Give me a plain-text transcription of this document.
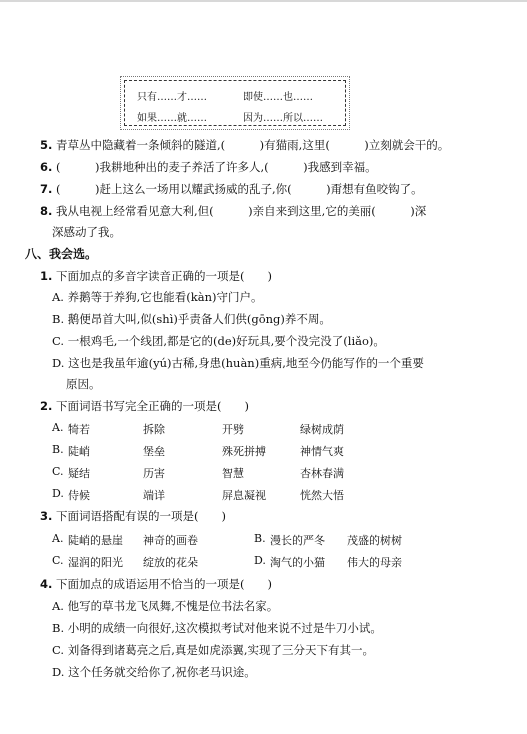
只有……才……	即使……也……
如果……就……	因为……所以……
5. 青草丛中隐藏着一条倾斜的隧道,(　　　)有猫雨,这里(　　　)立刻就会干的。
6. (　　　)我耕地种出的麦子养活了许多人,(　　　)我感到幸福。
7. (　　　)赶上这么一场用以耀武扬威的乱子,你(　　　)甭想有鱼咬钩了。
8. 我从电视上经常看见意大利,但(　　　)亲自来到这里,它的美丽(　　　)深
深感动了我。
八、我会选。
1. 下面加点的多音字读音正确的一项是(　　)
A. 养鹅等于养狗,它也能看(kàn)守门户。
B. 鹅便昂首大叫,似(shì)乎责备人们供(gōng)养不周。
C. 一根鸡毛,一个线团,都是它的(de)好玩具,要个没完没了(liǎo)。
D. 这也是我虽年逾(yú)古稀,身患(huàn)重病,地至今仍能写作的一个重要
原因。
2. 下面词语书写完全正确的一项是(　　)
A. 犄若	拆除	开劈	绿树成荫
B. 陡峭	堡垒	殊死拼搏	神情气爽
C. 疑结	历害	智慧	杏林春满
D. 侍候	端详	屏息凝视	恍然大悟
3. 下面词语搭配有误的一项是(　　)
A. 陡峭的悬崖 神奇的画卷	B. 漫长的严冬 茂盛的树树
C. 湿润的阳光 绽放的花朵	D. 淘气的小猫 伟大的母亲
4. 下面加点的成语运用不恰当的一项是(　　)
A. 他写的草书龙飞凤舞,不愧是位书法名家。
B. 小明的成绩一向很好,这次模拟考试对他来说不过是牛刀小试。
C. 刘备得到诸葛亮之后,真是如虎添翼,实现了三分天下有其一。
D. 这个任务就交给你了,祝你老马识途。
